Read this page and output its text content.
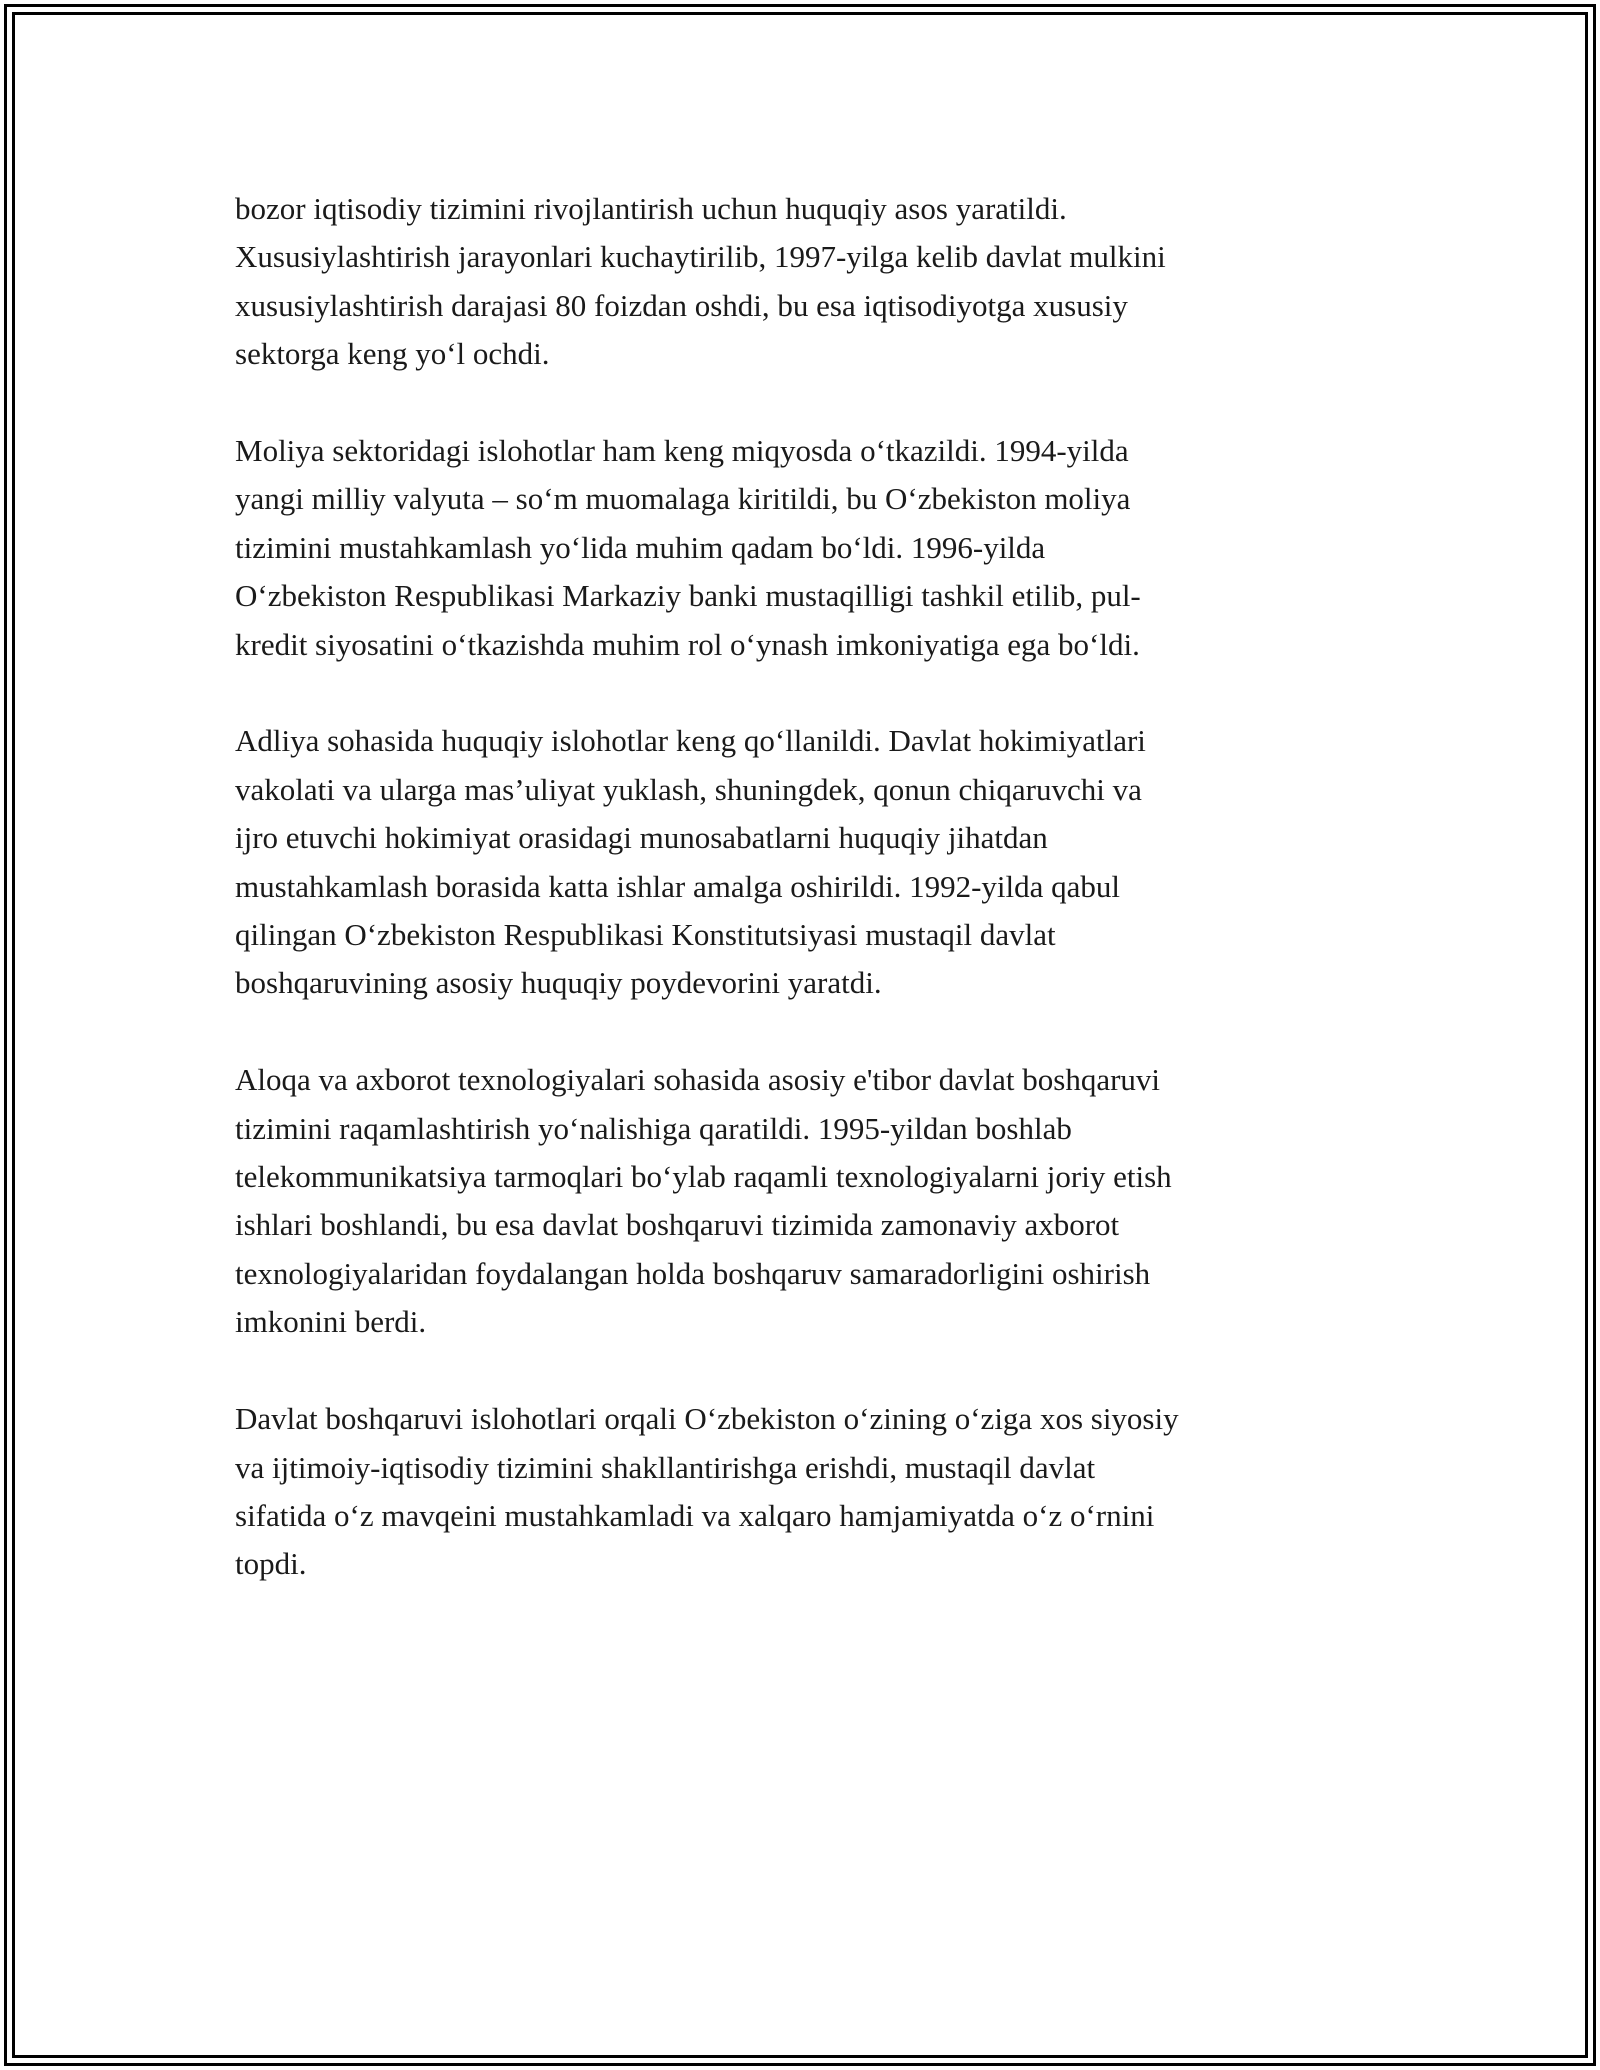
bozor iqtisodiy tizimini rivojlantirish uchun huquqiy asos yaratildi.
Xususiylashtirish jarayonlari kuchaytirilib, 1997-yilga kelib davlat mulkini
xususiylashtirish darajasi 80 foizdan oshdi, bu esa iqtisodiyotga xususiy
sektorga keng yo‘l ochdi.
Moliya sektoridagi islohotlar ham keng miqyosda o‘tkazildi. 1994-yilda
yangi milliy valyuta – so‘m muomalaga kiritildi, bu O‘zbekiston moliya
tizimini mustahkamlash yo‘lida muhim qadam bo‘ldi. 1996-yilda
O‘zbekiston Respublikasi Markaziy banki mustaqilligi tashkil etilib, pul-
kredit siyosatini o‘tkazishda muhim rol o‘ynash imkoniyatiga ega bo‘ldi.
Adliya sohasida huquqiy islohotlar keng qo‘llanildi. Davlat hokimiyatlari
vakolati va ularga mas’uliyat yuklash, shuningdek, qonun chiqaruvchi va
ijro etuvchi hokimiyat orasidagi munosabatlarni huquqiy jihatdan
mustahkamlash borasida katta ishlar amalga oshirildi. 1992-yilda qabul
qilingan O‘zbekiston Respublikasi Konstitutsiyasi mustaqil davlat
boshqaruvining asosiy huquqiy poydevorini yaratdi.
Aloqa va axborot texnologiyalari sohasida asosiy e'tibor davlat boshqaruvi
tizimini raqamlashtirish yo‘nalishiga qaratildi. 1995-yildan boshlab
telekommunikatsiya tarmoqlari bo‘ylab raqamli texnologiyalarni joriy etish
ishlari boshlandi, bu esa davlat boshqaruvi tizimida zamonaviy axborot
texnologiyalaridan foydalangan holda boshqaruv samaradorligini oshirish
imkonini berdi.
Davlat boshqaruvi islohotlari orqali O‘zbekiston o‘zining o‘ziga xos siyosiy
va ijtimoiy-iqtisodiy tizimini shakllantirishga erishdi, mustaqil davlat
sifatida o‘z mavqeini mustahkamladi va xalqaro hamjamiyatda o‘z o‘rnini
topdi.
